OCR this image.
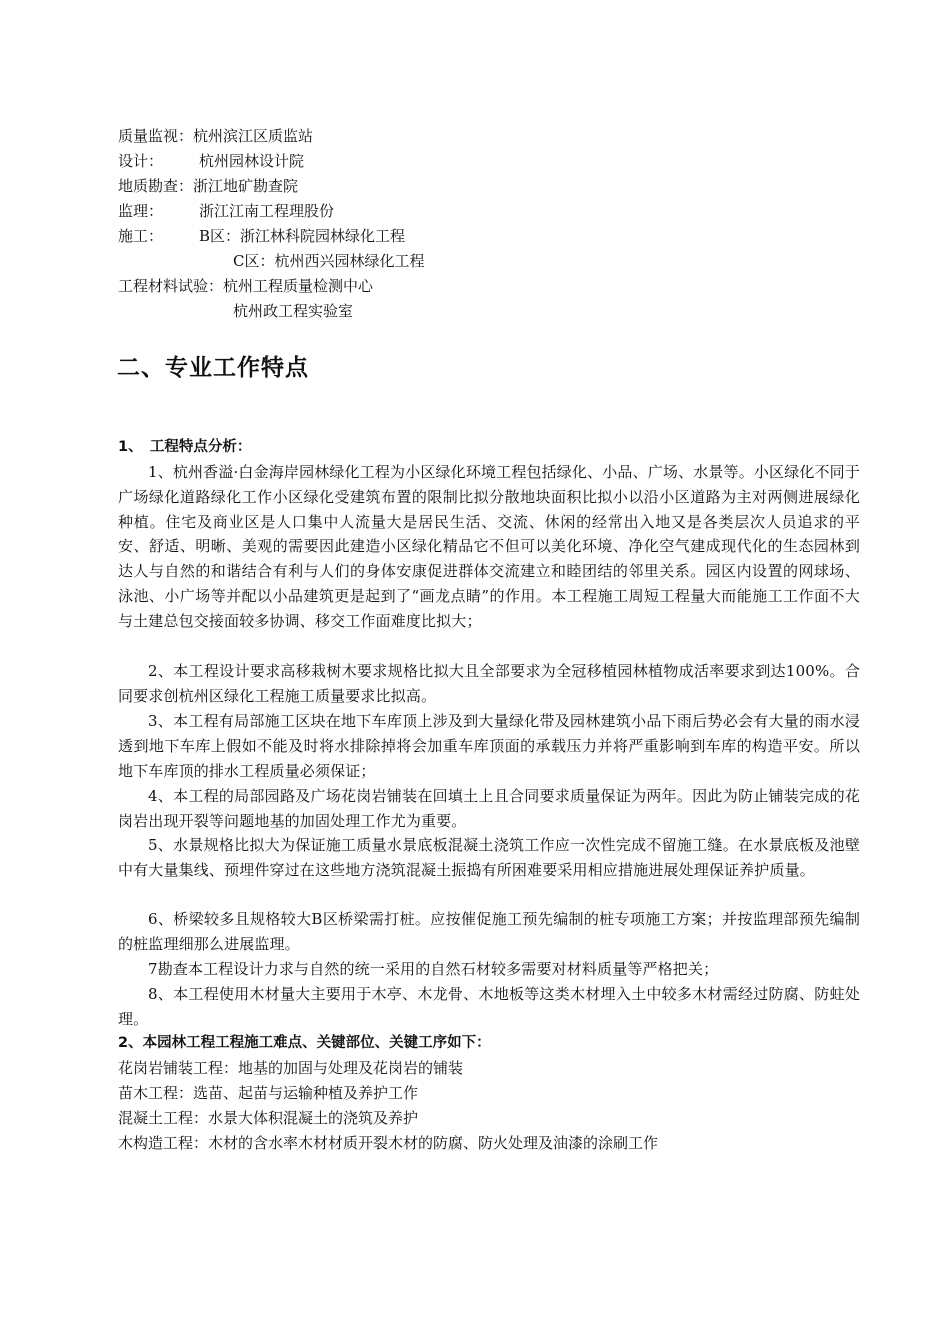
质量监视：杭州滨江区质监站
设计： 杭州园林设计院
地质勘查：浙江地矿勘查院
监理： 浙江江南工程理股份
施工： B区：浙江林科院园林绿化工程
C区：杭州西兴园林绿化工程
工程材料试验：杭州工程质量检测中心
杭州政工程实验室
二、专业工作特点
1、　工程特点分析：

1、杭州香溢·白金海岸园林绿化工程为小区绿化环境工程包括绿化、小品、广场、水景等。小区绿化不同于广场绿化道路绿化工作小区绿化受建筑布置的限制比拟分散地块面积比拟小以沿小区道路为主对两侧进展绿化种植。住宅及商业区是人口集中人流量大是居民生活、交流、休闲的经常出入地又是各类层次人员追求的平安、舒适、明晰、美观的需要因此建造小区绿化精品它不但可以美化环境、净化空气建成现代化的生态园林到达人与自然的和谐结合有利与人们的身体安康促进群体交流建立和睦团结的邻里关系。园区内设置的网球场、泳池、小广场等并配以小品建筑更是起到了“画龙点睛”的作用。本工程施工周短工程量大而能施工工作面不大与土建总包交接面较多协调、移交工作面难度比拟大；

2、本工程设计要求高移栽树木要求规格比拟大且全部要求为全冠移植园林植物成活率要求到达100%。合同要求创杭州区绿化工程施工质量要求比拟高。

3、本工程有局部施工区块在地下车库顶上涉及到大量绿化带及园林建筑小品下雨后势必会有大量的雨水浸透到地下车库上假如不能及时将水排除掉将会加重车库顶面的承载压力并将严重影响到车库的构造平安。所以地下车库顶的排水工程质量必须保证；

4、本工程的局部园路及广场花岗岩铺装在回填土上且合同要求质量保证为两年。因此为防止铺装完成的花岗岩出现开裂等问题地基的加固处理工作尤为重要。

5、水景规格比拟大为保证施工质量水景底板混凝土浇筑工作应一次性完成不留施工缝。在水景底板及池壁中有大量集线、预埋件穿过在这些地方浇筑混凝土振捣有所困难要采用相应措施进展处理保证养护质量。

6、桥梁较多且规格较大B区桥梁需打桩。应按催促施工预先编制的桩专项施工方案；并按监理部预先编制的桩监理细那么进展监理。

7勘查本工程设计力求与自然的统一采用的自然石材较多需要对材料质量等严格把关；

8、本工程使用木材量大主要用于木亭、木龙骨、木地板等这类木材埋入土中较多木材需经过防腐、防蛀处理。

2、本园林工程工程施工难点、关键部位、关键工序如下：
花岗岩铺装工程：地基的加固与处理及花岗岩的铺装
苗木工程：选苗、起苗与运输种植及养护工作
混凝土工程：水景大体积混凝土的浇筑及养护
木构造工程：木材的含水率木材材质开裂木材的防腐、防火处理及油漆的涂刷工作
